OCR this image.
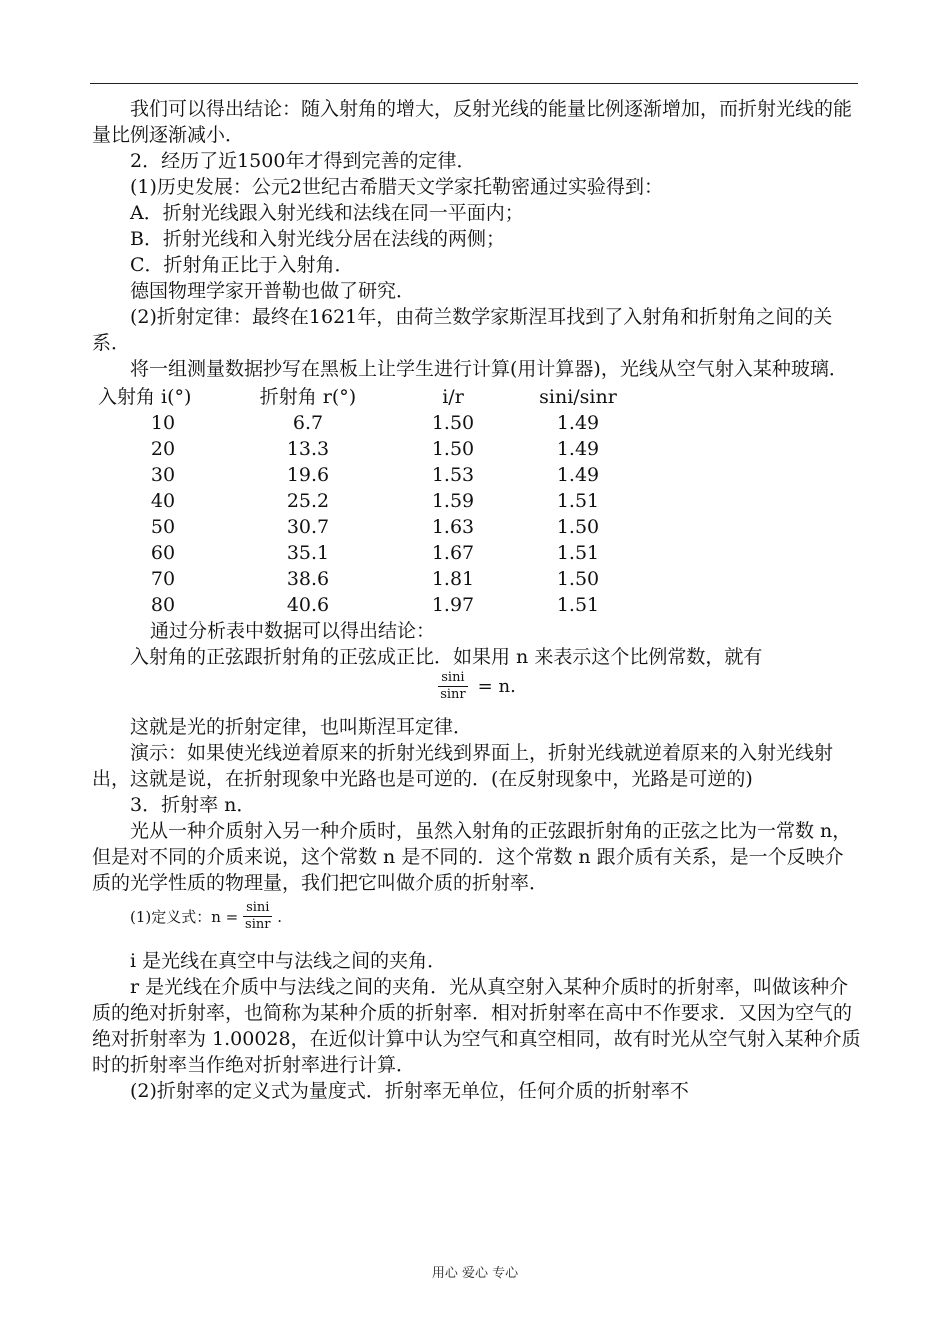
我们可以得出结论：随入射角的增大，反射光线的能量比例逐渐增加，而折射光线的能量比例逐渐减小．

2．经历了近1500年才得到完善的定律．

(1)历史发展：公元2世纪古希腊天文学家托勒密通过实验得到：

A．折射光线跟入射光线和法线在同一平面内；

B．折射光线和入射光线分居在法线的两侧；

C．折射角正比于入射角．

德国物理学家开普勒也做了研究．

(2)折射定律：最终在1621年，由荷兰数学家斯涅耳找到了入射角和折射角之间的关系．

将一组测量数据抄写在黑板上让学生进行计算(用计算器)，光线从空气射入某种玻璃．

入射角 i(°)	折射角 r(°)	i/r	sini/sinr
10	6.7	1.50	1.49
20	13.3	1.50	1.49
30	19.6	1.53	1.49
40	25.2	1.59	1.51
50	30.7	1.63	1.50
60	35.1	1.67	1.51
70	38.6	1.81	1.50
80	40.6	1.97	1.51

通过分析表中数据可以得出结论：

入射角的正弦跟折射角的正弦成正比．如果用 n 来表示这个比例常数，就有

$\frac{\sin i}{\sin r} = n$.

这就是光的折射定律，也叫斯涅耳定律．

演示：如果使光线逆着原来的折射光线到界面上，折射光线就逆着原来的入射光线射出，这就是说，在折射现象中光路也是可逆的．(在反射现象中，光路是可逆的)

3．折射率 n．

光从一种介质射入另一种介质时，虽然入射角的正弦跟折射角的正弦之比为一常数 n，但是对不同的介质来说，这个常数 n 是不同的．这个常数 n 跟介质有关系，是一个反映介质的光学性质的物理量，我们把它叫做介质的折射率．

(1)定义式：$n = \frac{\sin i}{\sin r}$ .

i 是光线在真空中与法线之间的夹角．

r 是光线在介质中与法线之间的夹角．光从真空射入某种介质时的折射率，叫做该种介质的绝对折射率，也简称为某种介质的折射率．相对折射率在高中不作要求．又因为空气的绝对折射率为 1.00028，在近似计算中认为空气和真空相同，故有时光从空气射入某种介质时的折射率当作绝对折射率进行计算．

(2)折射率的定义式为量度式．折射率无单位，任何介质的折射率不

用心 爱心 专心
